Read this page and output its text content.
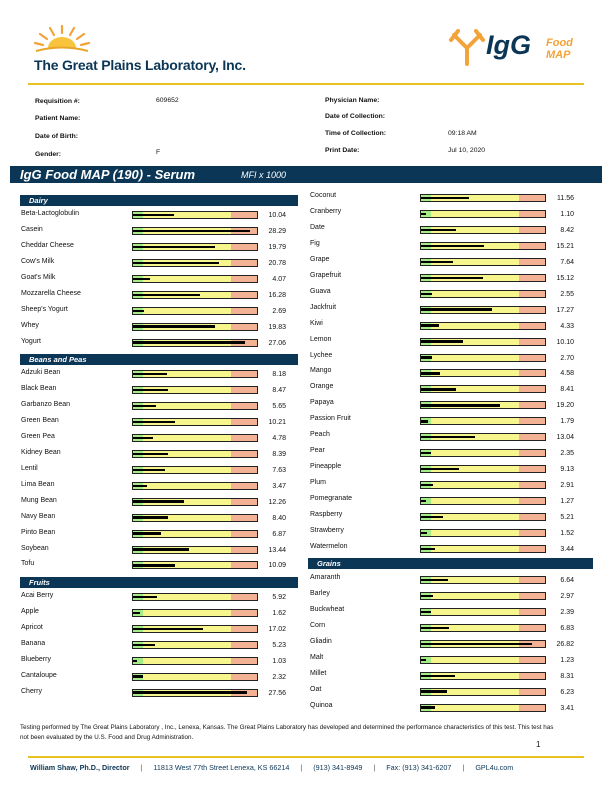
The Great Plains Laboratory, Inc.
IgG Food
MAP
Requisition #:	609652
Patient Name:
Date of Birth:
Gender:	F
Physician Name:
Date of Collection:
Time of Collection:	09:18 AM
Print Date:	Jul 10, 2020
IgG Food MAP (190) - Serum	MFI x 1000
Dairy
Beta-Lactoglobulin	10.04
Casein	28.29
Cheddar Cheese	19.79
Cow's Milk	20.78
Goat's Milk	4.07
Mozzarella Cheese	16.28
Sheep's Yogurt	2.69
Whey	19.83
Yogurt	27.06
Beans and Peas
Adzuki Bean	8.18
Black Bean	8.47
Garbanzo Bean	5.65
Green Bean	10.21
Green Pea	4.78
Kidney Bean	8.39
Lentil	7.63
Lima Bean	3.47
Mung Bean	12.26
Navy Bean	8.40
Pinto Bean	6.87
Soybean	13.44
Tofu	10.09
Fruits
Acai Berry	5.92
Apple	1.62
Apricot	17.02
Banana	5.23
Blueberry	1.03
Cantaloupe	2.32
Cherry	27.56
Coconut	11.56
Cranberry	1.10
Date	8.42
Fig	15.21
Grape	7.64
Grapefruit	15.12
Guava	2.55
Jackfruit	17.27
Kiwi	4.33
Lemon	10.10
Lychee	2.70
Mango	4.58
Orange	8.41
Papaya	19.20
Passion Fruit	1.79
Peach	13.04
Pear	2.35
Pineapple	9.13
Plum	2.91
Pomegranate	1.27
Raspberry	5.21
Strawberry	1.52
Watermelon	3.44
Grains
Amaranth	6.64
Barley	2.97
Buckwheat	2.39
Corn	6.83
Gliadin	26.82
Malt	1.23
Millet	8.31
Oat	6.23
Quinoa	3.41
Testing performed by The Great Plains Laboratory , Inc., Lenexa, Kansas. The Great Plains Laboratory has developed and determined the performance characteristics of this test. This test has not been evaluated by the U.S. Food and Drug Administration.
1
William Shaw, Ph.D., Director | 11813 West 77th Street Lenexa, KS 66214 | (913) 341-8949 | Fax: (913) 341-6207 | GPL4u.com
